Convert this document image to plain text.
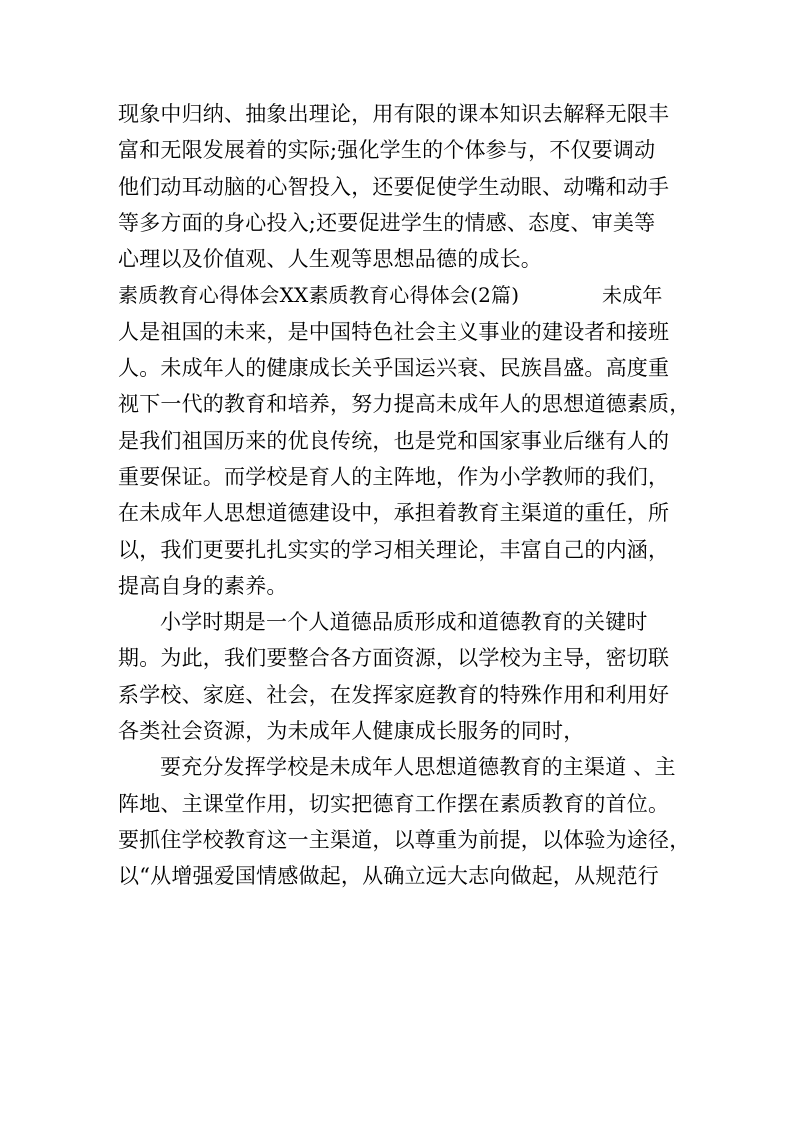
现象中归纳、抽象出理论，用有限的课本知识去解释无限丰
富和无限发展着的实际;强化学生的个体参与，不仅要调动
他们动耳动脑的心智投入，还要促使学生动眼、动嘴和动手
等多方面的身心投入;还要促进学生的情感、态度、审美等
心理以及价值观、人生观等思想品德的成长。
素质教育心得体会XX素质教育心得体会(2篇)	未成年
人是祖国的未来，是中国特色社会主义事业的建设者和接班
人。未成年人的健康成长关乎国运兴衰、民族昌盛。高度重
视下一代的教育和培养，努力提高未成年人的思想道德素质，
是我们祖国历来的优良传统，也是党和国家事业后继有人的
重要保证。而学校是育人的主阵地，作为小学教师的我们，
在未成年人思想道德建设中，承担着教育主渠道的重任，所
以，我们更要扎扎实实的学习相关理论，丰富自己的内涵，
提高自身的素养。
小学时期是一个人道德品质形成和道德教育的关键时
期。为此，我们要整合各方面资源，以学校为主导，密切联
系学校、家庭、社会，在发挥家庭教育的特殊作用和利用好
各类社会资源，为未成年人健康成长服务的同时，
要充分发挥学校是未成年人思想道德教育的主渠道 、主
阵地、主课堂作用，切实把德育工作摆在素质教育的首位。
要抓住学校教育这一主渠道，以尊重为前提，以体验为途径，
以“从增强爱国情感做起，从确立远大志向做起，从规范行
